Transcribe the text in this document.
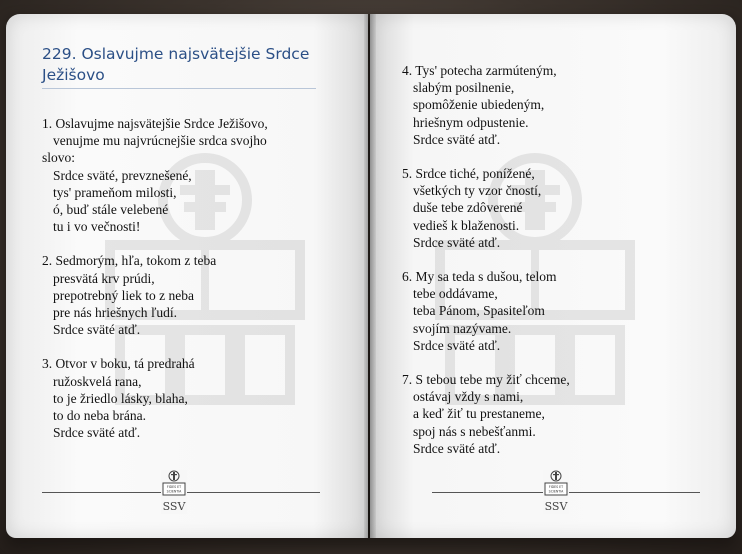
229. Oslavujme najsvätejšie Srdce Ježišovo
1. Oslavujme najsvätejšie Srdce Ježišovo,
venujme mu najvrúcnejšie srdca svojho
slovo:
Srdce sväté, prevznešené,
tys' prameňom milosti,
ó, buď stále velebené
tu i vo večnosti!
2. Sedmorým, hľa, tokom z teba
presvätá krv prúdi,
prepotrebný liek to z neba
pre nás hriešnych ľudí.
Srdce sväté atď.
3. Otvor v boku, tá predrahá
ružoskvelá rana,
to je žriedlo lásky, blaha,
to do neba brána.
Srdce sväté atď.
4. Tys' potecha zarmúteným,
slabým posilnenie,
spomôženie ubiedeným,
hriešnym odpustenie.
Srdce sväté atď.
5. Srdce tiché, ponížené,
všetkých ty vzor čností,
duše tebe zdôverené
vedieš k blaženosti.
Srdce sväté atď.
6. My sa teda s dušou, telom
tebe oddávame,
teba Pánom, Spasiteľom
svojím nazývame.
Srdce sväté atď.
7. S tebou tebe my žiť chceme,
ostávaj vždy s nami,
a keď žiť tu prestaneme,
spoj nás s nebešťanmi.
Srdce sväté atď.
FIDES ET
SCIENTIA
SSV
FIDES ET
SCIENTIA
SSV
